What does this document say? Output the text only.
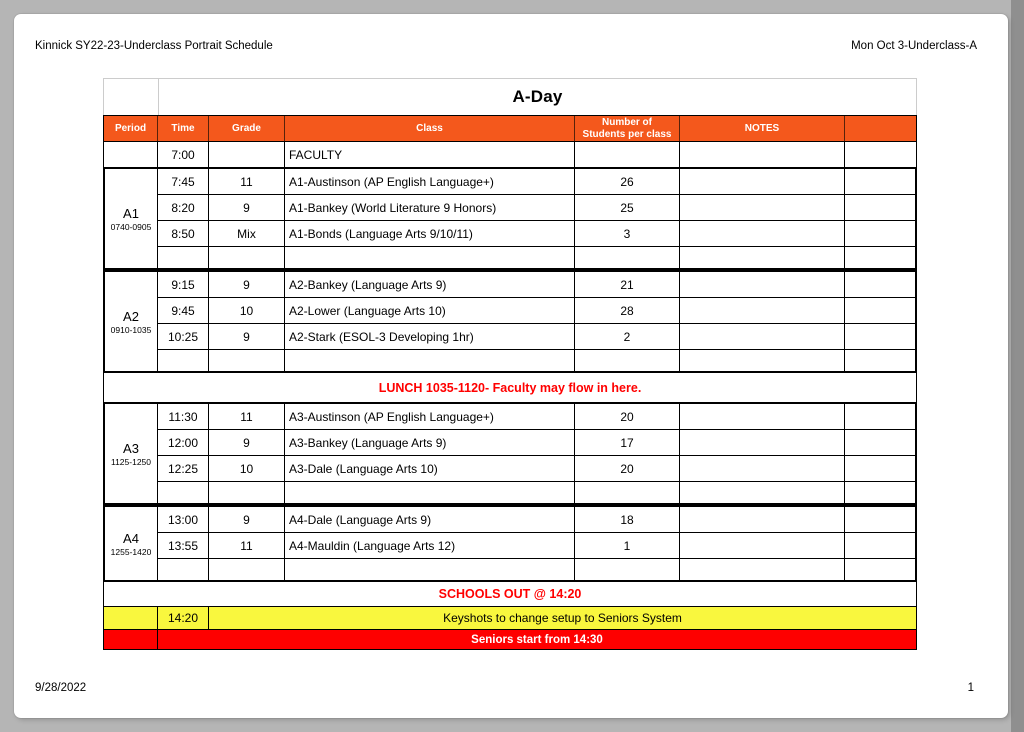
Kinnick SY22-23-Underclass Portrait Schedule	Mon Oct 3-Underclass-A
A-Day
Period	Time	Grade	Class
Number of
Students per class	NOTES
7:00	FACULTY
A1
0740-0905
7:45	11	A1-Austinson (AP English Language+)	26
8:20	9	A1-Bankey (World Literature 9 Honors)	25
8:50	Mix	A1-Bonds (Language Arts 9/10/11)	3
A2
0910-1035
9:15	9	A2-Bankey (Language Arts 9)	21
9:45	10	A2-Lower (Language Arts 10)	28
10:25	9	A2-Stark (ESOL-3 Developing 1hr)	2
LUNCH 1035-1120- Faculty may flow in here.
A3
1125-1250
11:30	11	A3-Austinson (AP English Language+)	20
12:00	9	A3-Bankey (Language Arts 9)	17
12:25	10	A3-Dale (Language Arts 10)	20
A4
1255-1420
13:00	9	A4-Dale (Language Arts 9)	18
13:55	11	A4-Mauldin (Language Arts 12)	1
SCHOOLS OUT @ 14:20
14:20	Keyshots to change setup to Seniors System
Seniors start from 14:30
9/28/2022	1
